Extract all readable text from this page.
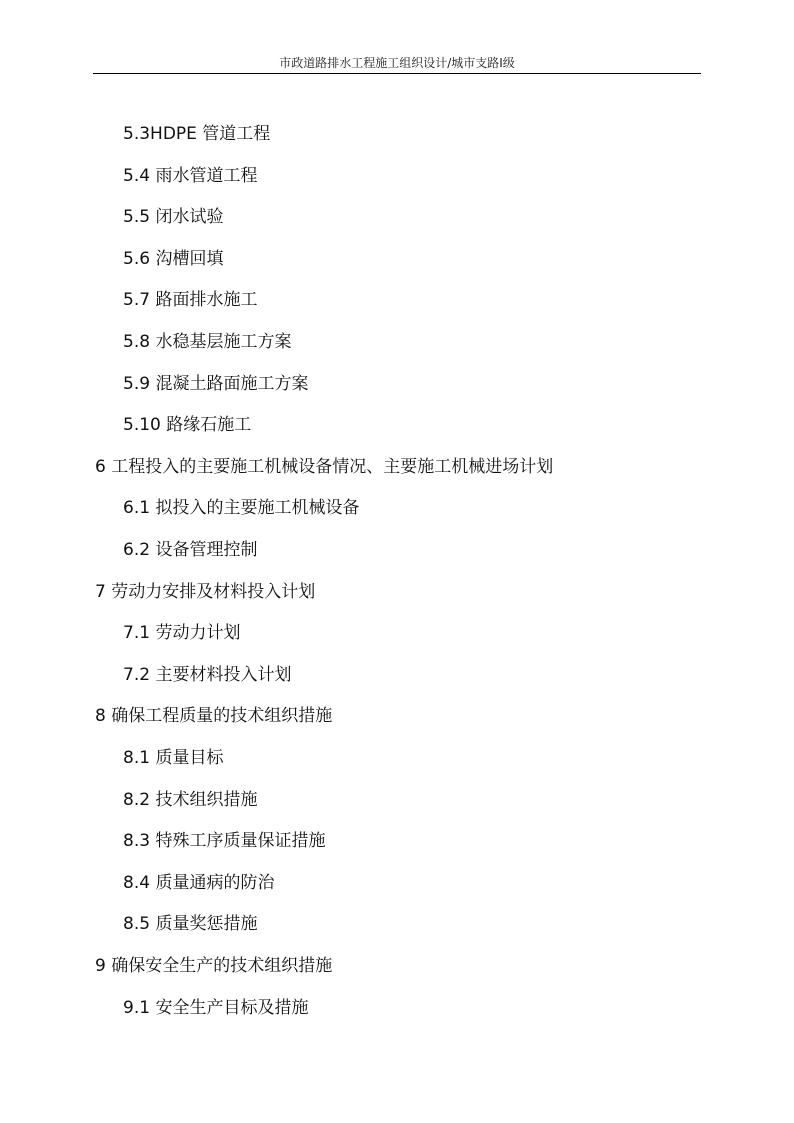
市政道路排水工程施工组织设计/城市支路Ⅰ级
5.3HDPE 管道工程
5.4 雨水管道工程
5.5 闭水试验
5.6 沟槽回填
5.7 路面排水施工
5.8 水稳基层施工方案
5.9 混凝土路面施工方案
5.10 路缘石施工
6 工程投入的主要施工机械设备情况、主要施工机械进场计划
6.1 拟投入的主要施工机械设备
6.2 设备管理控制
7 劳动力安排及材料投入计划
7.1 劳动力计划
7.2 主要材料投入计划
8 确保工程质量的技术组织措施
8.1 质量目标
8.2 技术组织措施
8.3 特殊工序质量保证措施
8.4 质量通病的防治
8.5 质量奖惩措施
9 确保安全生产的技术组织措施
9.1 安全生产目标及措施
